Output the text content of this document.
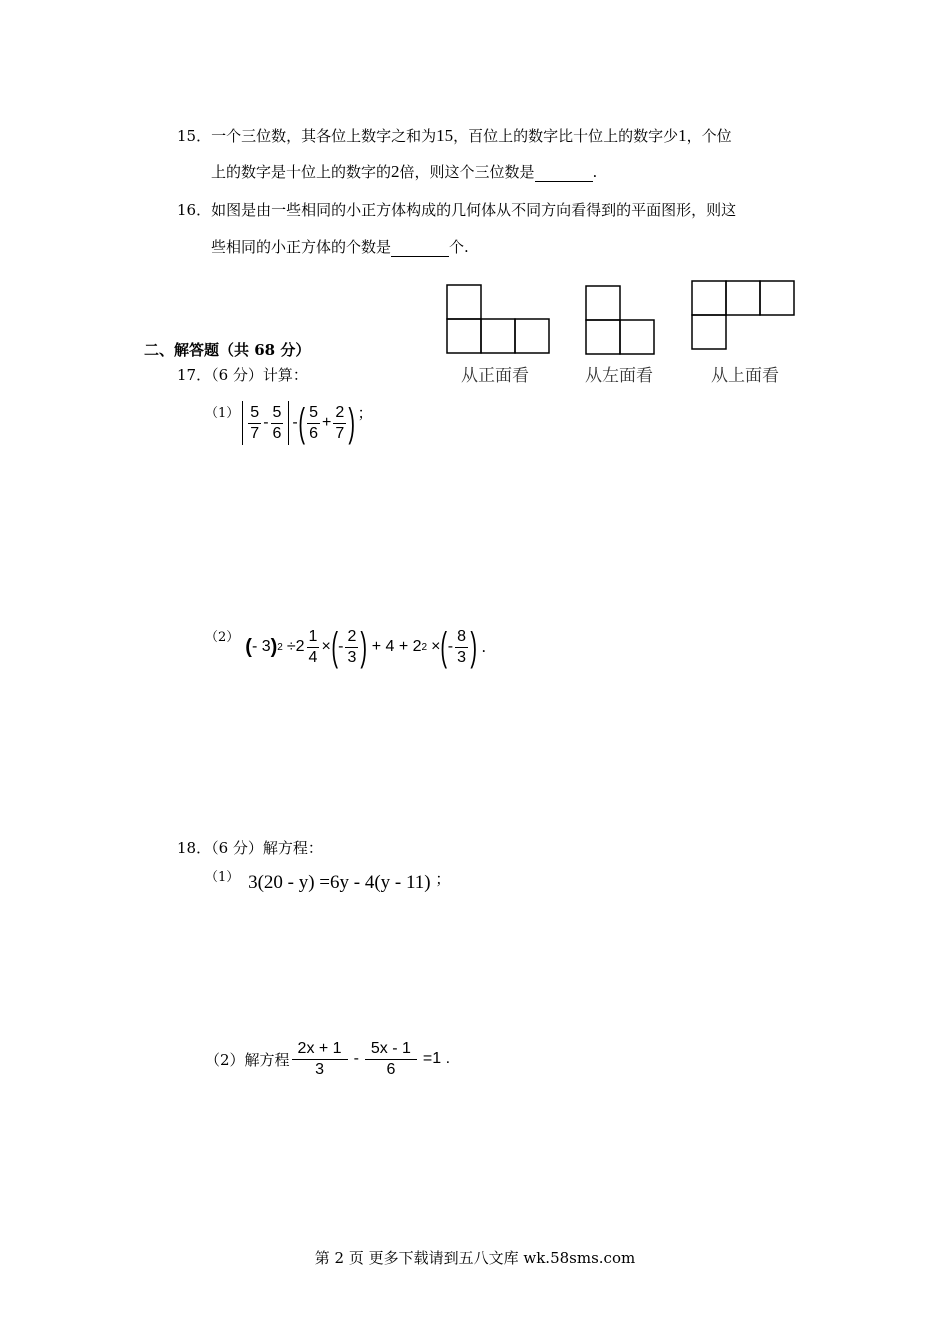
15．一个三位数，其各位上数字之和为15，百位上的数字比十位上的数字少1，个位
上的数字是十位上的数字的2倍，则这个三位数是	.
16．如图是由一些相同的小正方体构成的几何体从不同方向看得到的平面图形，则这
些相同的小正方体的个数是	个.
从正面看	从左面看	从上面看
二、解答题（共 68 分）
17．（6 分）计算：
$(1) \frac{5}{7} - \frac{5}{6}$ - ( $\frac{5}{6} + \frac{2}{7}$ ) ；
（2） ( - 3 ) $2 \div 2 \frac{1}{4}$ × ( - $\frac{2}{3}$ ) + 4 + 2 2 × ( - $\frac{8}{3}$ ) .
18．（6 分）解方程：
（1） 3(20 - y) =6y - 4(y - 11) ；
（2）解方程 $\frac{2x + 1}{3} - \frac{5x - 1}{6} =1$ .
第 2 页 更多下载请到五八文库 wk.58sms.com
